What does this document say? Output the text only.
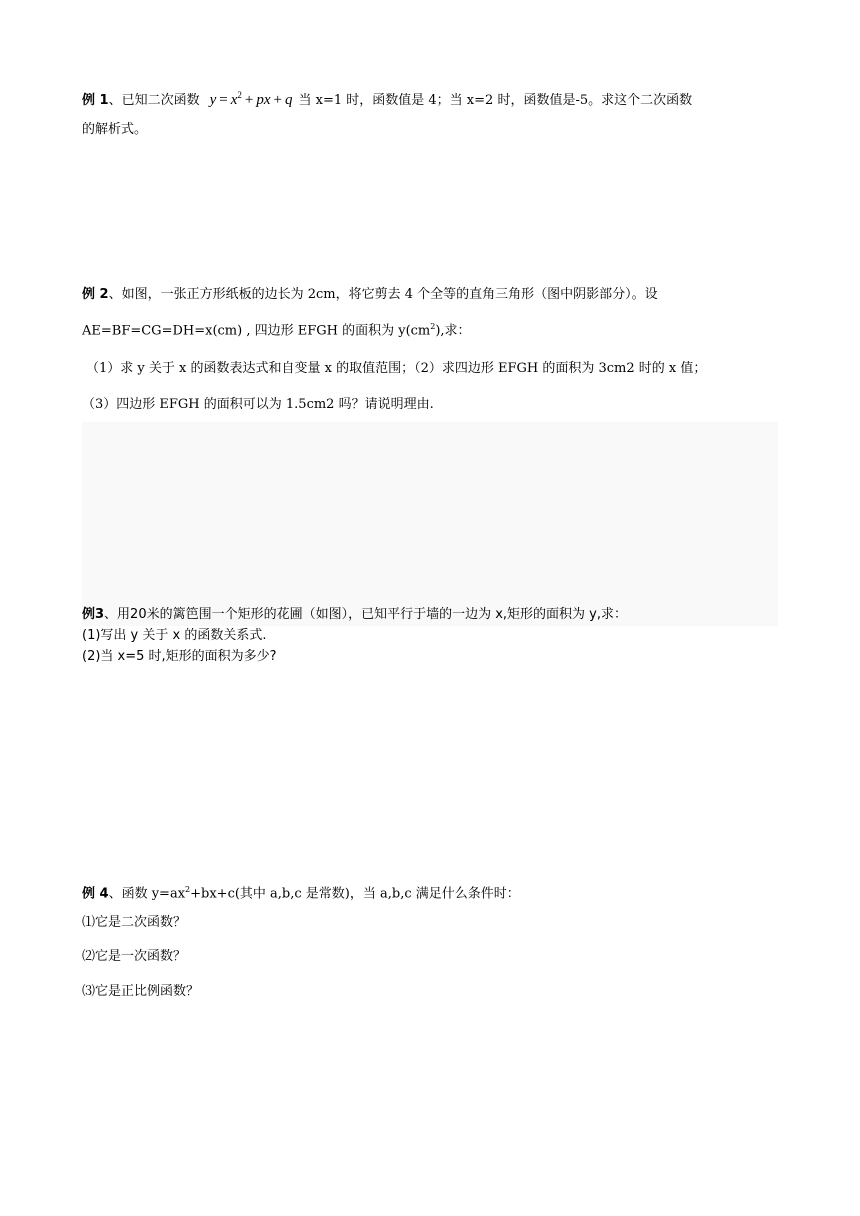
例 1、已知二次函数 $y = x^2$ + px + q 当 x=1 时，函数值是 4；当 x=2 时，函数值是-5。求这个二次函数
的解析式。
例 2、如图，一张正方形纸板的边长为 2cm，将它剪去 4 个全等的直角三角形（图中阴影部分）。设
AE=BF=CG=DH=x(cm) , 四边形 EFGH 的面积为 $y(cm^2)$,求：
（1）求 y 关于 x 的函数表达式和自变量 x 的取值范围；（2）求四边形 EFGH 的面积为 3cm2 时的 x 值；
（3）四边形 EFGH 的面积可以为 1.5cm2 吗？请说明理由.
例3、用20米的篱笆围一个矩形的花圃（如图），已知平行于墙的一边为 x,矩形的面积为 y,求：
(1)写出 y 关于 x 的函数关系式.
(2)当 x=5 时,矩形的面积为多少?
例 4、函数 $y=ax^2+bx+c$(其中 a,b,c 是常数)，当 a,b,c 满足什么条件时：
⑴它是二次函数？
⑵它是一次函数？
⑶它是正比例函数？
